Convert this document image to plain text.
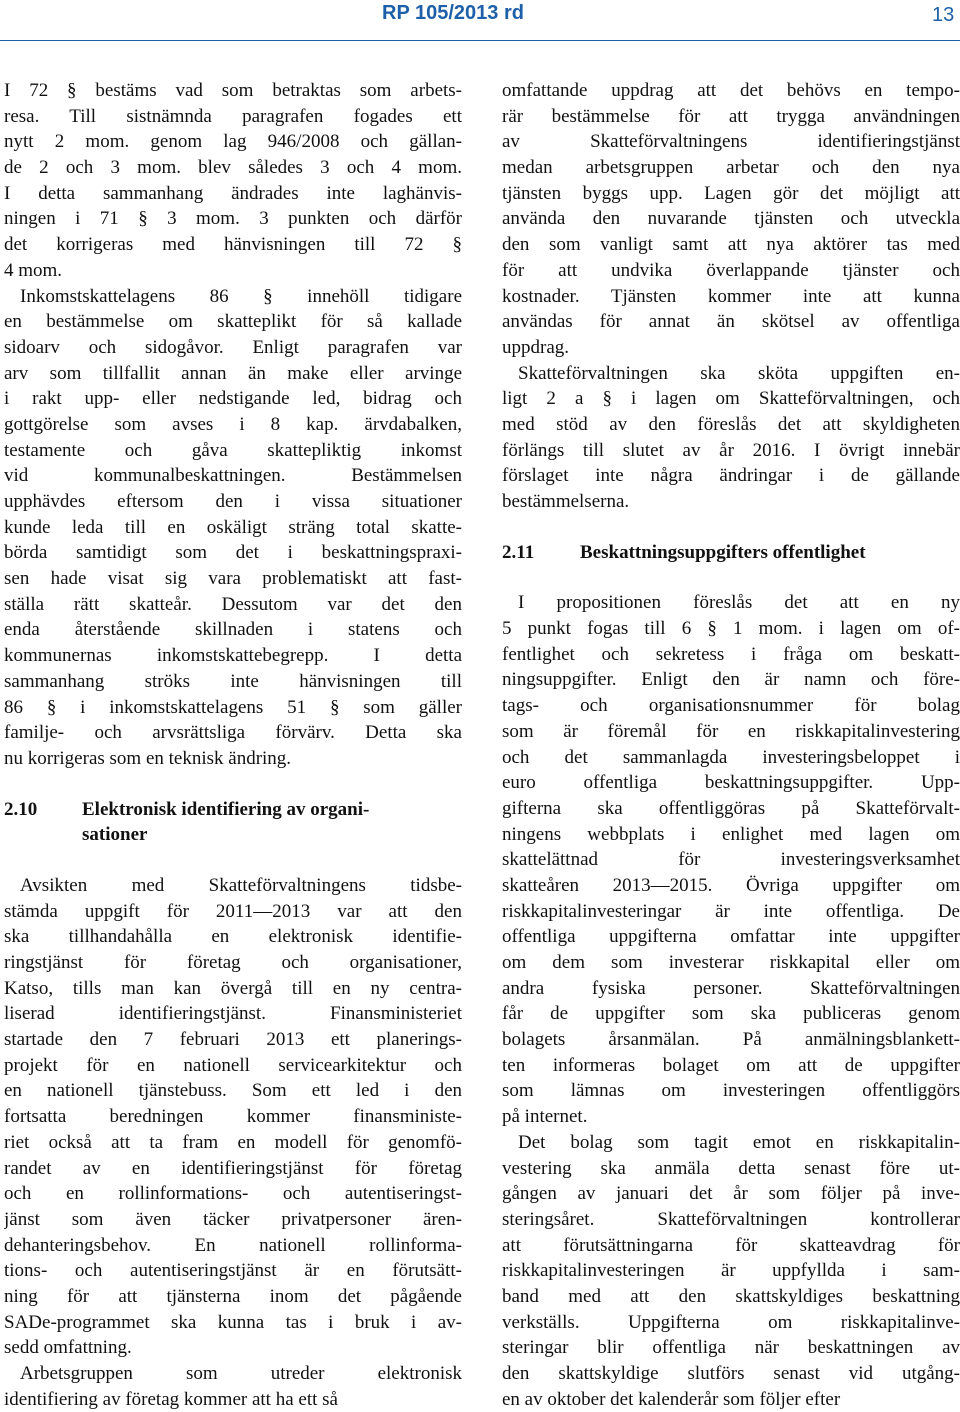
RP 105/2013 rd	13
I 72 § bestäms vad som betraktas som arbets-
resa. Till sistnämnda paragrafen fogades ett
nytt 2 mom. genom lag 946/2008 och gällan-
de 2 och 3 mom. blev således 3 och 4 mom.
I detta sammanhang ändrades inte laghänvis-
ningen i 71 § 3 mom. 3 punkten och därför
det korrigeras med hänvisningen till 72 §
4 mom.
Inkomstskattelagens 86 § innehöll tidigare
en bestämmelse om skatteplikt för så kallade
sidoarv och sidogåvor. Enligt paragrafen var
arv som tillfallit annan än make eller arvinge
i rakt upp- eller nedstigande led, bidrag och
gottgörelse som avses i 8 kap. ärvdabalken,
testamente och gåva skattepliktig inkomst
vid kommunalbeskattningen. Bestämmelsen
upphävdes eftersom den i vissa situationer
kunde leda till en oskäligt sträng total skatte-
börda samtidigt som det i beskattningspraxi-
sen hade visat sig vara problematiskt att fast-
ställa rätt skatteår. Dessutom var det den
enda återstående skillnaden i statens och
kommunernas inkomstskattebegrepp. I detta
sammanhang ströks inte hänvisningen till
86 § i inkomstskattelagens 51 § som gäller
familje- och arvsrättsliga förvärv. Detta ska
nu korrigeras som en teknisk ändring.
2.10	Elektronisk identifiering av organi-
sationer
Avsikten med Skatteförvaltningens tidsbe-
stämda uppgift för 2011—2013 var att den
ska tillhandahålla en elektronisk identifie-
ringstjänst för företag och organisationer,
Katso, tills man kan övergå till en ny centra-
liserad identifieringstjänst. Finansministeriet
startade den 7 februari 2013 ett planerings-
projekt för en nationell servicearkitektur och
en nationell tjänstebuss. Som ett led i den
fortsatta beredningen kommer finansministe-
riet också att ta fram en modell för genomfö-
randet av en identifieringstjänst för företag
och en rollinformations- och autentiseringst-
jänst som även täcker privatpersoner ären-
dehanteringsbehov. En nationell rollinforma-
tions- och autentiseringstjänst är en förutsätt-
ning för att tjänsterna inom det pågående
SADe-programmet ska kunna tas i bruk i av-
sedd omfattning.
Arbetsgruppen som utreder elektronisk
identifiering av företag kommer att ha ett så
omfattande uppdrag att det behövs en tempo-
rär bestämmelse för att trygga användningen
av Skatteförvaltningens identifieringstjänst
medan arbetsgruppen arbetar och den nya
tjänsten byggs upp. Lagen gör det möjligt att
använda den nuvarande tjänsten och utveckla
den som vanligt samt att nya aktörer tas med
för att undvika överlappande tjänster och
kostnader. Tjänsten kommer inte att kunna
användas för annat än skötsel av offentliga
uppdrag.
Skatteförvaltningen ska sköta uppgiften en-
ligt 2 a § i lagen om Skatteförvaltningen, och
med stöd av den föreslås det att skyldigheten
förlängs till slutet av år 2016. I övrigt innebär
förslaget inte några ändringar i de gällande
bestämmelserna.
2.11	Beskattningsuppgifters offentlighet
I propositionen föreslås det att en ny
5 punkt fogas till 6 § 1 mom. i lagen om of-
fentlighet och sekretess i fråga om beskatt-
ningsuppgifter. Enligt den är namn och före-
tags- och organisationsnummer för bolag
som är föremål för en riskkapitalinvestering
och det sammanlagda investeringsbeloppet i
euro offentliga beskattningsuppgifter. Upp-
gifterna ska offentliggöras på Skatteförvalt-
ningens webbplats i enlighet med lagen om
skattelättnad för investeringsverksamhet
skatteåren 2013—2015. Övriga uppgifter om
riskkapitalinvesteringar är inte offentliga. De
offentliga uppgifterna omfattar inte uppgifter
om dem som investerar riskkapital eller om
andra fysiska personer. Skatteförvaltningen
får de uppgifter som ska publiceras genom
bolagets årsanmälan. På anmälningsblankett-
ten informeras bolaget om att de uppgifter
som lämnas om investeringen offentliggörs
på internet.
Det bolag som tagit emot en riskkapitalin-
vestering ska anmäla detta senast före ut-
gången av januari det år som följer på inve-
steringsåret. Skatteförvaltningen kontrollerar
att förutsättningarna för skatteavdrag för
riskkapitalinvesteringen är uppfyllda i sam-
band med att den skattskyldiges beskattning
verkställs. Uppgifterna om riskkapitalinve-
steringar blir offentliga när beskattningen av
den skattskyldige slutförs senast vid utgång-
en av oktober det kalenderår som följer efter
